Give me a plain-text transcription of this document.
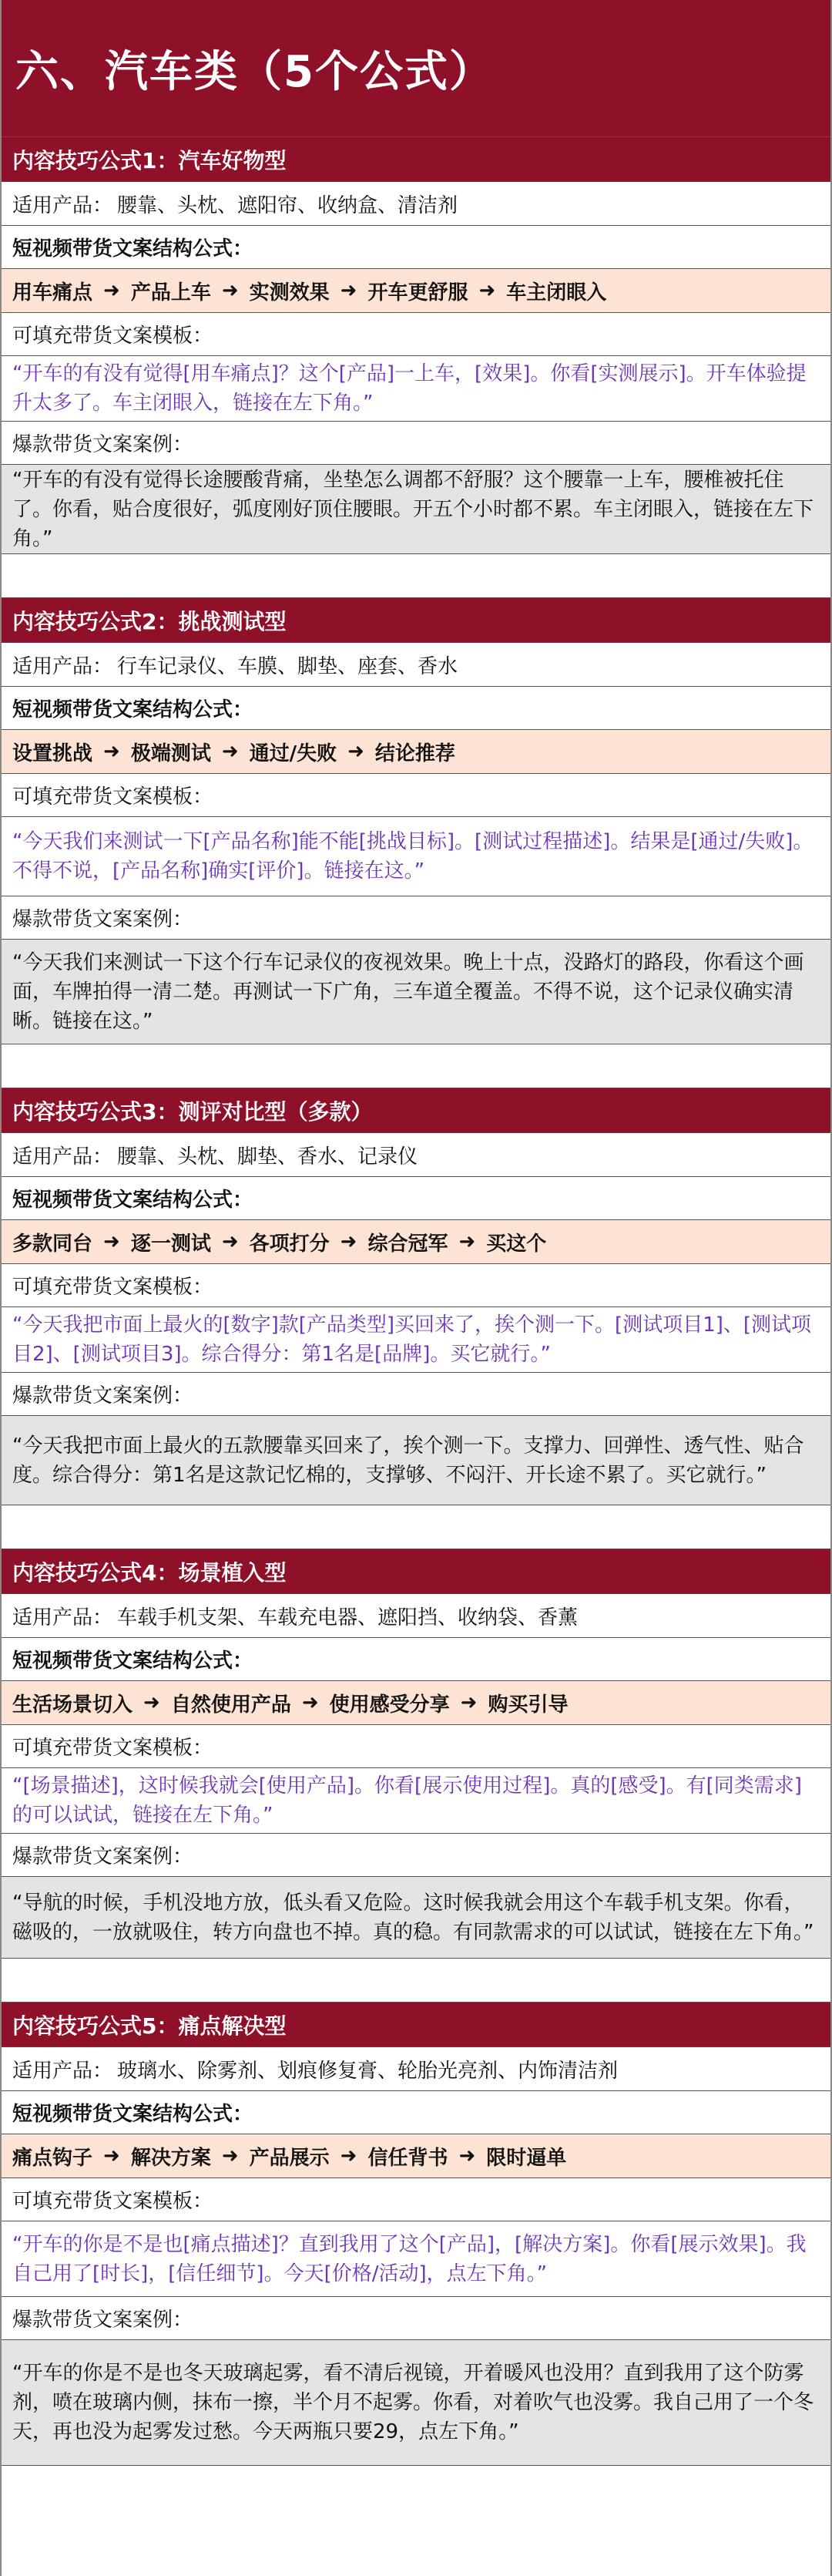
六、汽车类（5个公式）
内容技巧公式1：汽车好物型
适用产品： 腰靠、头枕、遮阳帘、收纳盒、清洁剂
短视频带货文案结构公式：
用车痛点 ➜ 产品上车 ➜ 实测效果 ➜ 开车更舒服 ➜ 车主闭眼入
可填充带货文案模板：

“开车的有没有觉得[用车痛点]？这个[产品]一上车，[效果]。你看[实测展示]。开车体验提升太多了。车主闭眼入，链接在左下角。”

爆款带货文案案例：

“开车的有没有觉得长途腰酸背痛，坐垫怎么调都不舒服？这个腰靠一上车，腰椎被托住了。你看，贴合度很好，弧度刚好顶住腰眼。开五个小时都不累。车主闭眼入，链接在左下角。”

内容技巧公式2：挑战测试型
适用产品： 行车记录仪、车膜、脚垫、座套、香水
短视频带货文案结构公式：
设置挑战 ➜ 极端测试 ➜ 通过/失败 ➜ 结论推荐
可填充带货文案模板：

“今天我们来测试一下[产品名称]能不能[挑战目标]。[测试过程描述]。结果是[通过/失败]。不得不说，[产品名称]确实[评价]。链接在这。”

爆款带货文案案例：

“今天我们来测试一下这个行车记录仪的夜视效果。晚上十点，没路灯的路段，你看这个画面，车牌拍得一清二楚。再测试一下广角，三车道全覆盖。不得不说，这个记录仪确实清晰。链接在这。”

内容技巧公式3：测评对比型（多款）
适用产品： 腰靠、头枕、脚垫、香水、记录仪
短视频带货文案结构公式：
多款同台 ➜ 逐一测试 ➜ 各项打分 ➜ 综合冠军 ➜ 买这个
可填充带货文案模板：

“今天我把市面上最火的[数字]款[产品类型]买回来了，挨个测一下。[测试项目1]、[测试项目2]、[测试项目3]。综合得分：第1名是[品牌]。买它就行。”

爆款带货文案案例：

“今天我把市面上最火的五款腰靠买回来了，挨个测一下。支撑力、回弹性、透气性、贴合度。综合得分：第1名是这款记忆棉的，支撑够、不闷汗、开长途不累了。买它就行。”

内容技巧公式4：场景植入型
适用产品： 车载手机支架、车载充电器、遮阳挡、收纳袋、香薰
短视频带货文案结构公式：
生活场景切入 ➜ 自然使用产品 ➜ 使用感受分享 ➜ 购买引导
可填充带货文案模板：

“[场景描述]，这时候我就会[使用产品]。你看[展示使用过程]。真的[感受]。有[同类需求]的可以试试，链接在左下角。”

爆款带货文案案例：

“导航的时候，手机没地方放，低头看又危险。这时候我就会用这个车载手机支架。你看，磁吸的，一放就吸住，转方向盘也不掉。真的稳。有同款需求的可以试试，链接在左下角。”

内容技巧公式5：痛点解决型
适用产品： 玻璃水、除雾剂、划痕修复膏、轮胎光亮剂、内饰清洁剂
短视频带货文案结构公式：
痛点钩子 ➜ 解决方案 ➜ 产品展示 ➜ 信任背书 ➜ 限时逼单
可填充带货文案模板：

“开车的你是不是也[痛点描述]？直到我用了这个[产品]，[解决方案]。你看[展示效果]。我自己用了[时长]，[信任细节]。今天[价格/活动]，点左下角。”

爆款带货文案案例：

“开车的你是不是也冬天玻璃起雾，看不清后视镜，开着暖风也没用？直到我用了这个防雾剂，喷在玻璃内侧，抹布一擦，半个月不起雾。你看，对着吹气也没雾。我自己用了一个冬天，再也没为起雾发过愁。今天两瓶只要29，点左下角。”
